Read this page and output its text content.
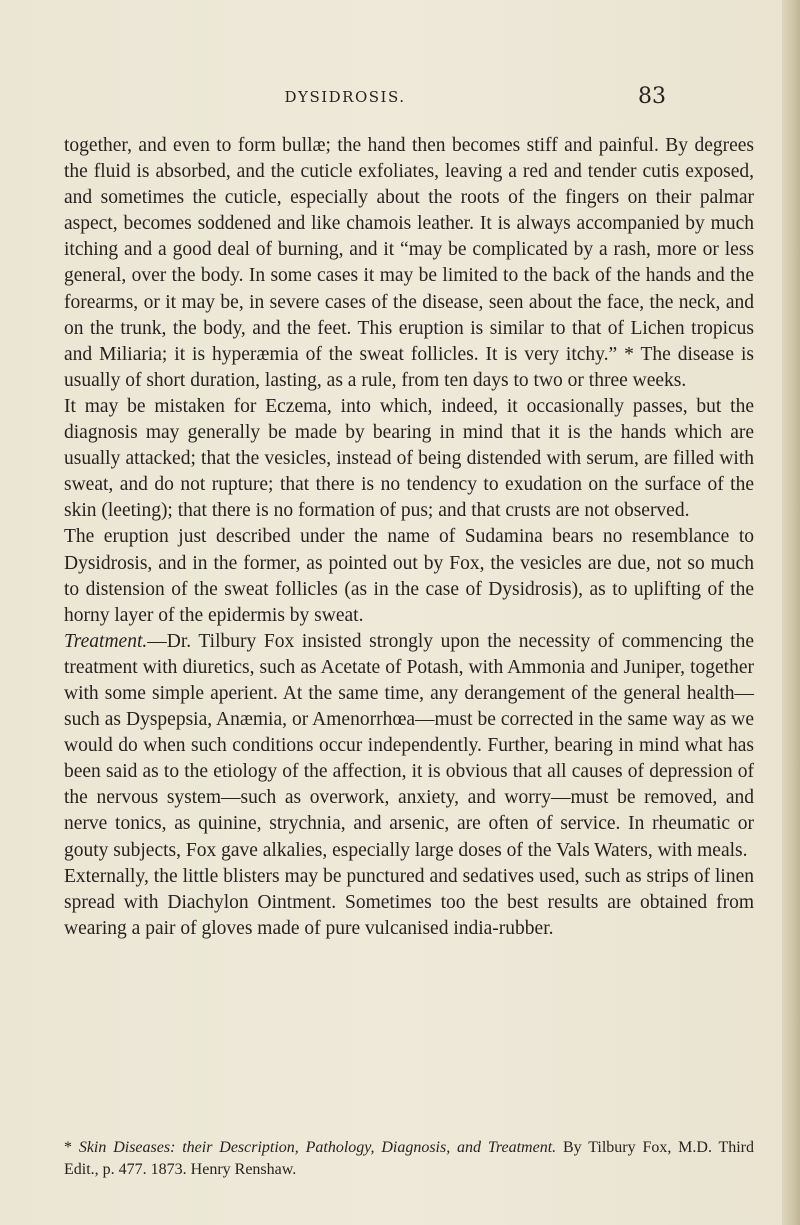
DYSIDROSIS.	83

together, and even to form bullæ; the hand then becomes stiff and painful. By degrees the fluid is absorbed, and the cuticle exfoliates, leaving a red and tender cutis exposed, and sometimes the cuticle, especially about the roots of the fingers on their palmar aspect, becomes soddened and like chamois leather. It is always accompanied by much itching and a good deal of burning, and it “may be complicated by a rash, more or less general, over the body. In some cases it may be limited to the back of the hands and the forearms, or it may be, in severe cases of the disease, seen about the face, the neck, and on the trunk, the body, and the feet. This eruption is similar to that of Lichen tropicus and Miliaria; it is hyperæmia of the sweat follicles. It is very itchy.” * The disease is usually of short duration, lasting, as a rule, from ten days to two or three weeks.

It may be mistaken for Eczema, into which, indeed, it occasionally passes, but the diagnosis may generally be made by bearing in mind that it is the hands which are usually attacked; that the vesicles, instead of being distended with serum, are filled with sweat, and do not rupture; that there is no tendency to exudation on the surface of the skin (leeting); that there is no formation of pus; and that crusts are not observed.

The eruption just described under the name of Sudamina bears no resemblance to Dysidrosis, and in the former, as pointed out by Fox, the vesicles are due, not so much to distension of the sweat follicles (as in the case of Dysidrosis), as to uplifting of the horny layer of the epidermis by sweat.

Treatment.—Dr. Tilbury Fox insisted strongly upon the necessity of commencing the treatment with diuretics, such as Acetate of Potash, with Ammonia and Juniper, together with some simple aperient. At the same time, any derangement of the general health—such as Dyspepsia, Anæmia, or Amenorrhœa—must be corrected in the same way as we would do when such conditions occur independently. Further, bearing in mind what has been said as to the etiology of the affection, it is obvious that all causes of depression of the nervous system—such as overwork, anxiety, and worry—must be removed, and nerve tonics, as quinine, strychnia, and arsenic, are often of service. In rheumatic or gouty subjects, Fox gave alkalies, especially large doses of the Vals Waters, with meals.

Externally, the little blisters may be punctured and sedatives used, such as strips of linen spread with Diachylon Ointment. Sometimes too the best results are obtained from wearing a pair of gloves made of pure vulcanised india-rubber.

* Skin Diseases: their Description, Pathology, Diagnosis, and Treatment. By Tilbury Fox, M.D. Third Edit., p. 477. 1873. Henry Renshaw.
